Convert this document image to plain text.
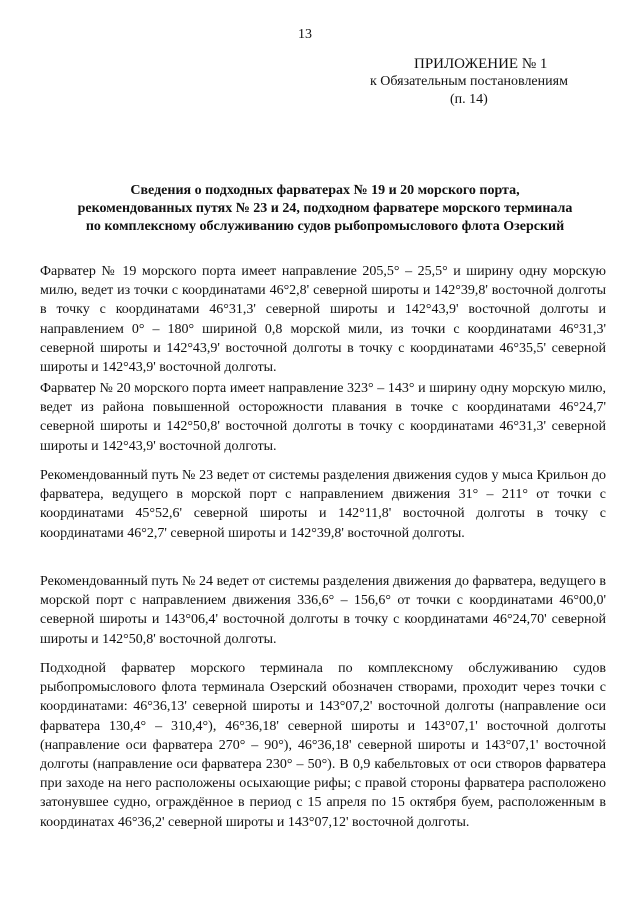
13
ПРИЛОЖЕНИЕ № 1
к Обязательным постановлениям
(п. 14)
Сведения о подходных фарватерах № 19 и 20 морского порта,
рекомендованных путях № 23 и 24, подходном фарватере морского терминала
по комплексному обслуживанию судов рыбопромыслового флота Озерский

Фарватер № 19 морского порта имеет направление 205,5° – 25,5° и ширину одну морскую милю, ведет из точки с координатами 46°2,8' северной широты и 142°39,8' восточной долготы в точку с координатами 46°31,3' северной широты и 142°43,9' восточной долготы и направлением 0° – 180° шириной 0,8 морской мили, из точки с координатами 46°31,3' северной широты и 142°43,9' восточной долготы в точку с координатами 46°35,5' северной широты и 142°43,9' восточной долготы.

Фарватер № 20 морского порта имеет направление 323° – 143° и ширину одну морскую милю, ведет из района повышенной осторожности плавания в точке с координатами 46°24,7' северной широты и 142°50,8' восточной долготы в точку с координатами 46°31,3' северной широты и 142°43,9' восточной долготы.

Рекомендованный путь № 23 ведет от системы разделения движения судов у мыса Крильон до фарватера, ведущего в морской порт с направлением движения 31° – 211° от точки с координатами 45°52,6' северной широты и 142°11,8' восточной долготы в точку с координатами 46°2,7' северной широты и 142°39,8' восточной долготы.

Рекомендованный путь № 24 ведет от системы разделения движения до фарватера, ведущего в морской порт с направлением движения 336,6° – 156,6° от точки с координатами 46°00,0' северной широты и 143°06,4' восточной долготы в точку с координатами 46°24,70' северной широты и 142°50,8' восточной долготы.

Подходной фарватер морского терминала по комплексному обслуживанию судов рыбопромыслового флота терминала Озерский обозначен створами, проходит через точки с координатами: 46°36,13' северной широты и 143°07,2' восточной долготы (направление оси фарватера 130,4° – 310,4°), 46°36,18' северной широты и 143°07,1' восточной долготы (направление оси фарватера 270° – 90°), 46°36,18' северной широты и 143°07,1' восточной долготы (направление оси фарватера 230° – 50°). В 0,9 кабельтовых от оси створов фарватера при заходе на него расположены осыхающие рифы; с правой стороны фарватера расположено затонувшее судно, ограждённое в период с 15 апреля по 15 октября буем, расположенным в координатах 46°36,2' северной широты и 143°07,12' восточной долготы.
